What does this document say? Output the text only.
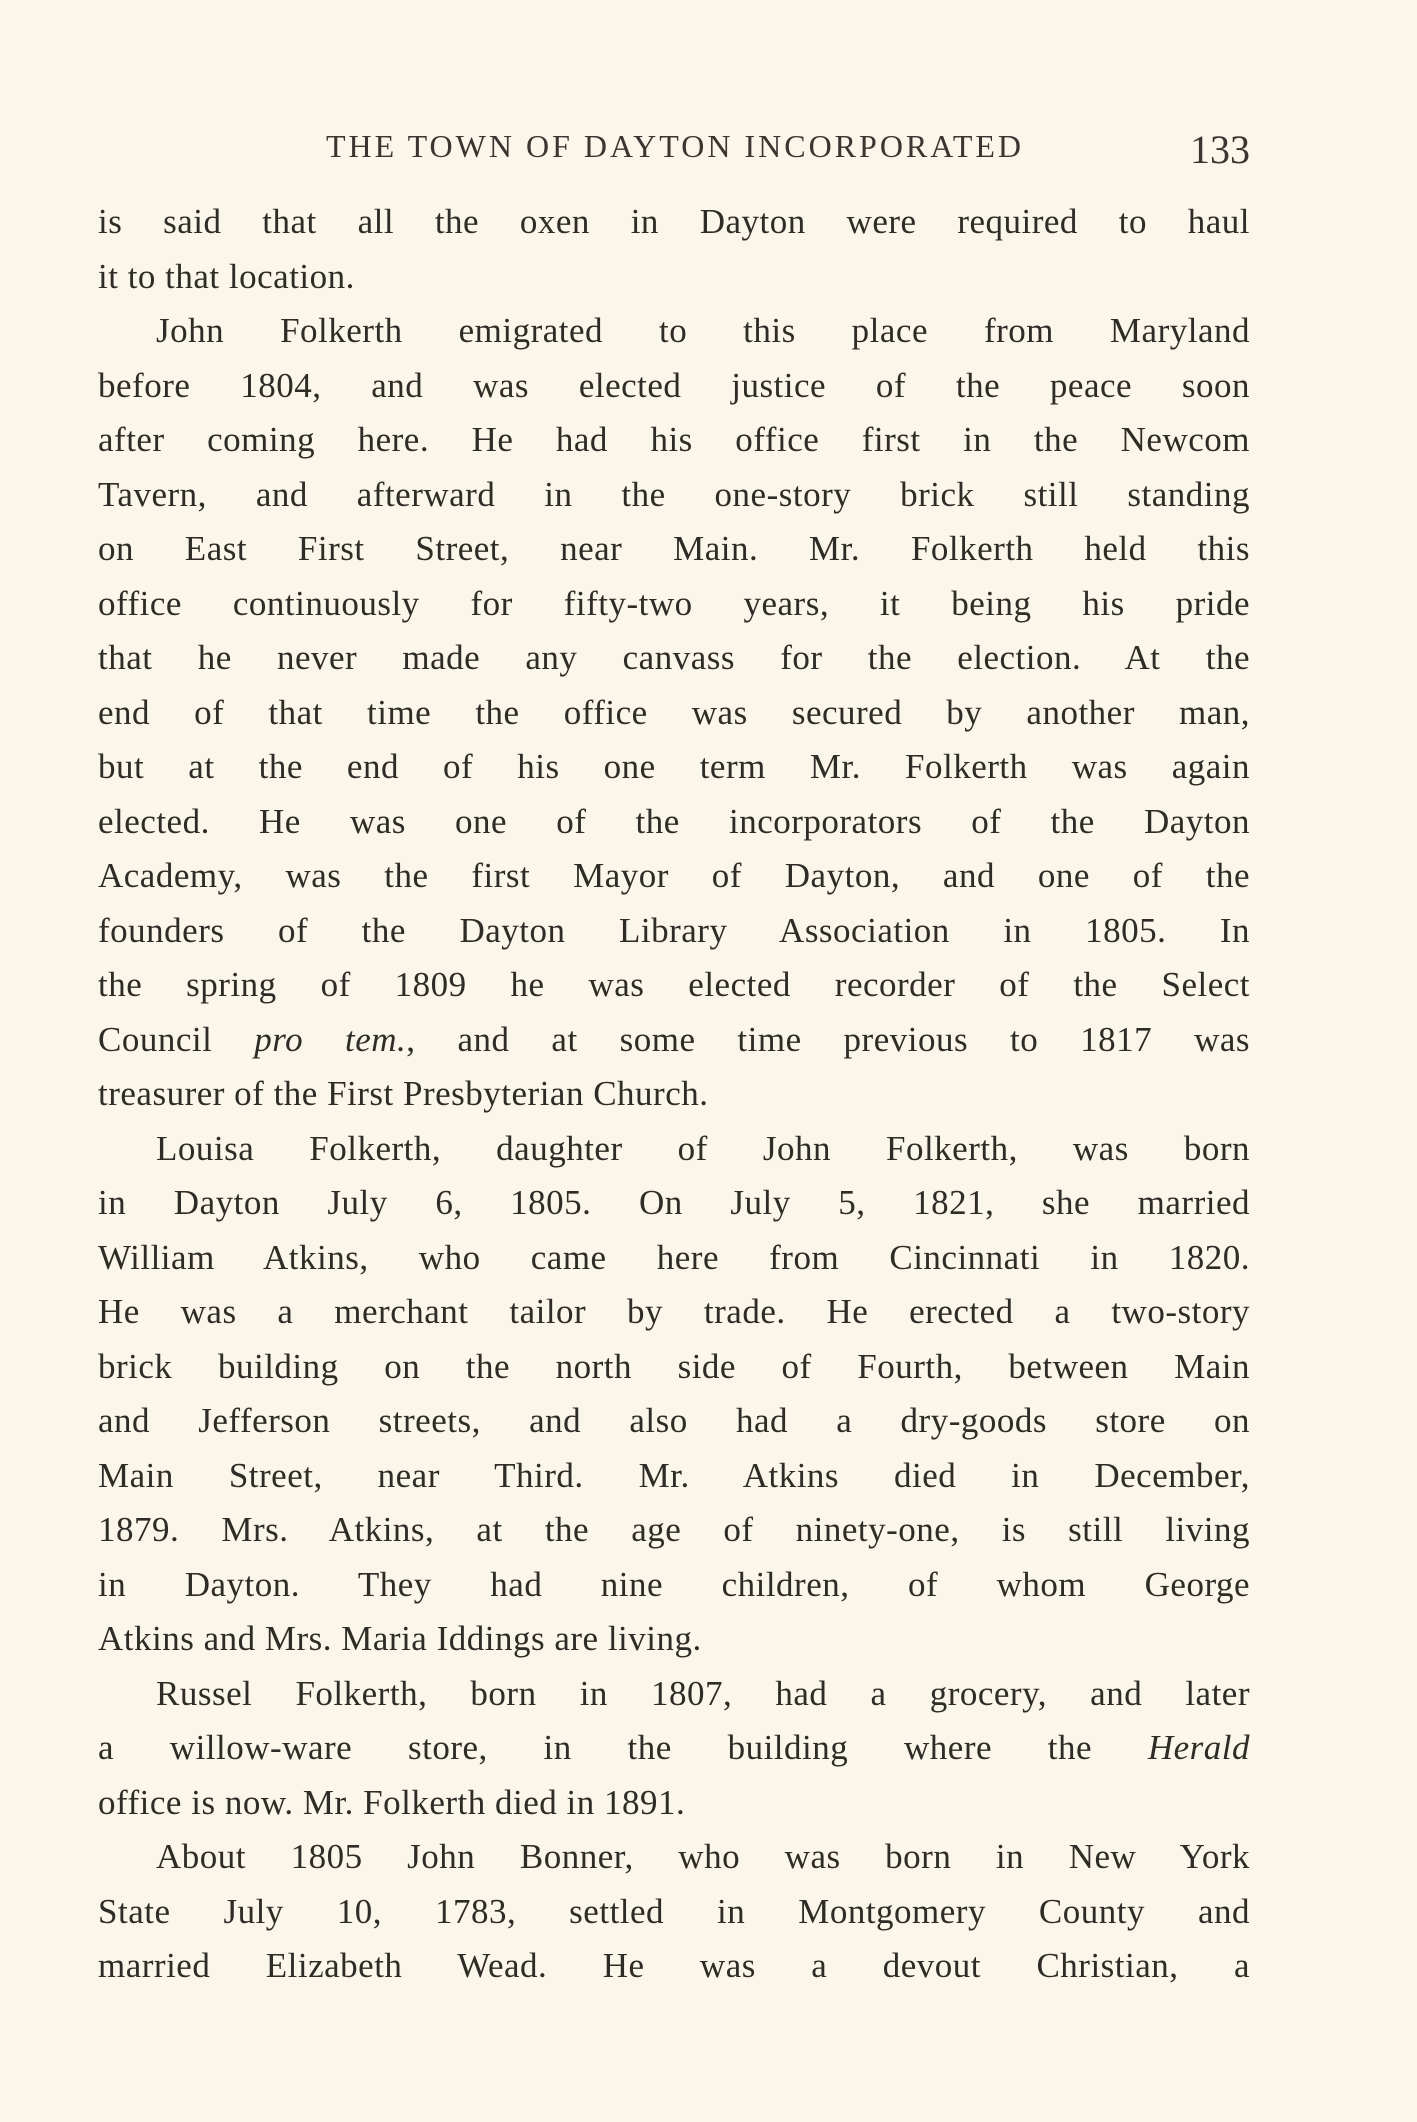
THE TOWN OF DAYTON INCORPORATED	133
is said that all the oxen in Dayton were required to haul
it to that location.
John Folkerth emigrated to this place from Maryland
before 1804, and was elected justice of the peace soon
after coming here. He had his office first in the Newcom
Tavern, and afterward in the one-story brick still standing
on East First Street, near Main. Mr. Folkerth held this
office continuously for fifty-two years, it being his pride
that he never made any canvass for the election. At the
end of that time the office was secured by another man,
but at the end of his one term Mr. Folkerth was again
elected. He was one of the incorporators of the Dayton
Academy, was the first Mayor of Dayton, and one of the
founders of the Dayton Library Association in 1805. In
the spring of 1809 he was elected recorder of the Select
Council pro tem., and at some time previous to 1817 was
treasurer of the First Presbyterian Church.
Louisa Folkerth, daughter of John Folkerth, was born
in Dayton July 6, 1805. On July 5, 1821, she married
William Atkins, who came here from Cincinnati in 1820.
He was a merchant tailor by trade. He erected a two-story
brick building on the north side of Fourth, between Main
and Jefferson streets, and also had a dry-goods store on
Main Street, near Third. Mr. Atkins died in December,
1879. Mrs. Atkins, at the age of ninety-one, is still living
in Dayton. They had nine children, of whom George
Atkins and Mrs. Maria Iddings are living.
Russel Folkerth, born in 1807, had a grocery, and later
a willow-ware store, in the building where the Herald
office is now. Mr. Folkerth died in 1891.
About 1805 John Bonner, who was born in New York
State July 10, 1783, settled in Montgomery County and
married Elizabeth Wead. He was a devout Christian, a
